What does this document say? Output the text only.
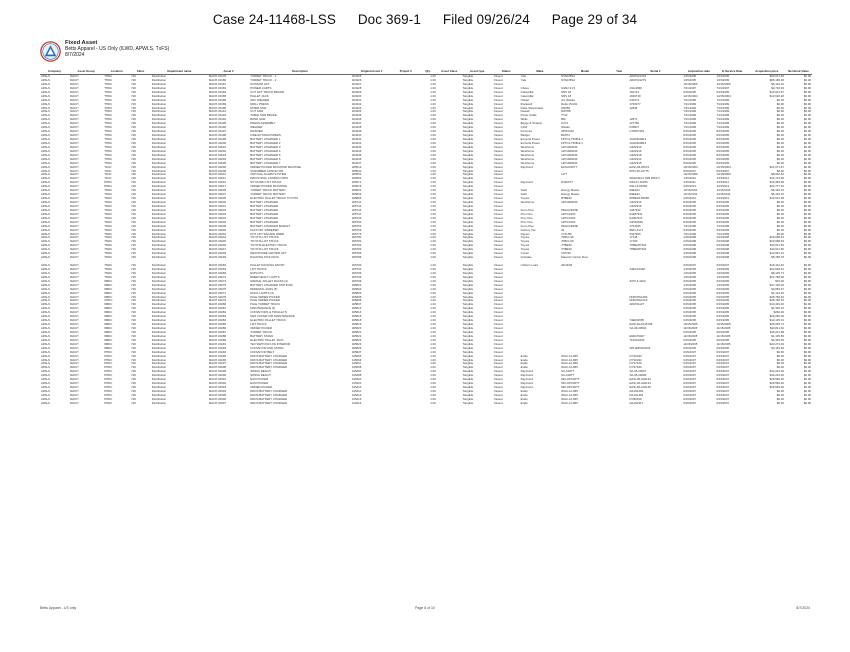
Case 24-11468-LSS Doc 369-1 Filed 09/26/24 Page 29 of 34
Fixed Asset
Betts Apparel - US Only (ILWD, APWLS, TxFS)
8/7/2024
Company	Asset Group	Location	Class	Department name	Asset #	Description	Original Asset #	Project #	Qty.	Asset Class	Asset type	Status	Make	Model	Year	Serial #	Acquisition date	In Service Date	Acquisition price	Net Book Value
APALS	MACH	THDC	720	Distribution	MACH-00178	TURRET TRUCK - 1	404325		1.00		Tangible	Closed	Yale	NTA035SA		A8AT03131S	1/15/2005	1/15/2005	$90,071.84	$0.00
APALS	MACH	THDC	720	Distribution	MACH-00180	TURRET TRUCK - 2	404326		1.00		Tangible	Closed	Yale	NTA035SA		A8AT03127S	1/15/2005	1/15/2005	$86,186.38	$0.00
APALS	MACH	THDC	720	Distribution	MACH-00181	SCISSOR LIFT	404327		1.00		Tangible	Closed					10/15/2005	10/15/2005	$6,122.02	$0.00
APALS	MACH	THDC	720	Distribution	MACH-00183	POWER CARTS	404328		1.00		Tangible	Closed	Chaos	GSR2 21.5		ASG4838	7/31/1997	7/31/1997	$3,718.93	$0.00
APALS	MACH	THDC	720	Distribution	MACH-00184	CUT LIFT TRUCK BRAND	404329		1.00		Tangible	Closed	Caterpillar	NRS 18		184744	6/15/2005	6/15/2005	$13,621.87	$0.00
APALS	MACH	THDC	720	Distribution	MACH-00185	PALLET JACK	404330		1.00		Tangible	Closed	Caterpillar	NRS 18		1849718	12/15/2004	12/15/2004	$13,618.28	$0.00
APALS	MACH	THDC	720	Distribution	MACH-00188	ARC WELDER	404331		1.00		Tangible	Closed	Hobart	Arc Welder		A30774	7/31/1999	7/31/1999	$0.00	$0.00
APALS	MACH	THDC	720	Distribution	MACH-00189	DRILL PRESS	404332		1.00		Tangible	Closed	Rockwell	Delta 15-091		1700977	7/31/1999	7/31/1999	$0.00	$0.00
APALS	MACH	THDC	720	Distribution	MACH-00190	MITER SAW	404333		1.00		Tangible	Closed	Delta Shopmaster	MS250		12845	7/31/1999	7/31/1999	$0.00	$0.00
APALS	MACH	THDC	720	Distribution	MACH-00191	CUT SAW	404334		1.00		Tangible	Closed	Dewalt	DW788			7/31/1999	7/31/1999	$0.00	$0.00
APALS	MACH	THDC	720	Distribution	MACH-00192	TABLE SAW BRAKE	404335		1.00		Tangible	Closed	Porter Cable	7732			7/31/1999	7/31/1999	$0.00	$0.00
APALS	MACH	THDC	720	Distribution	MACH-00194	BAND SAW	404336		1.00		Tangible	Closed	Wells	BM		12871	7/31/1999	7/31/1999	$0.00	$0.00
APALS	MACH	THDC	720	Distribution	MACH-00195	PRESS ASSEMBLY	404337		1.00		Tangible	Closed	Briggs & Stratton	C273		127789	7/31/1999	7/31/1999	$0.00	$0.00
APALS	MACH	THDC	720	Distribution	MACH-00196	WELDER	404338		1.00		Tangible	Closed	CKM	Welder		P29917	7/31/1999	7/31/1999	$0.00	$0.00
APALS	MACH	THDC	720	Distribution	MACH-00197	WASHER	404339		1.00		Tangible	Closed	Kenmore	23561310		C76057402	8/15/2005	8/15/2005	$0.00	$0.00
APALS	MACH	THDC	720	Distribution	MACH-00198	FIRE EXTINGUISHERS	404340		1.00		Tangible	Closed	Badger	B10H3			8/15/2005	8/15/2005	$0.00	$0.00
APALS	MACH	THDC	720	Distribution	MACH-00199	BATTERY CHARGER 1	404341		1.00		Tangible	Closed	Exmeria Power	FPTC4-750B-E 1		AG06400813	8/15/2005	8/15/2005	$0.00	$0.00
APALS	MACH	THDC	720	Distribution	MACH-00200	BATTERY CHARGER 2	404342		1.00		Tangible	Closed	Exmeria Power	FPTC4-750B-E 1		AG06400816	8/15/2005	8/15/2005	$0.00	$0.00
APALS	MACH	THDC	720	Distribution	MACH-00201	BATTERY CHARGER 3	404343		1.00		Tangible	Closed	Westhome	12H1000030		G4ZZ213	8/15/2005	8/15/2005	$0.00	$0.00
APALS	MACH	THDC	720	Distribution	MACH-00202	BATTERY CHARGER 4	404344		1.00		Tangible	Closed	Westhome	12H1000030		G4ZZ216	8/15/2005	8/15/2005	$0.00	$0.00
APALS	MACH	THDC	720	Distribution	MACH-00203	BATTERY CHARGER 5	404345		1.00		Tangible	Closed	Westhome	12H1000030		G4ZZ218	8/15/2005	8/15/2005	$0.00	$0.00
APALS	MACH	THDC	720	Distribution	MACH-00204	BATTERY CHARGER 6	404346		1.00		Tangible	Closed	Westhome	12H1000030		G4ZZ214	8/15/2005	8/15/2005	$0.00	$0.00
APALS	MACH	THDC	720	Distribution	MACH-00205	BATTERY CHARGER 7	404347		1.00		Tangible	Closed	Westhome	12H1000030		G4ZZ215	8/15/2005	8/15/2005	$0.00	$0.00
APALS	MACH	TLDC	720	Distribution	MACH-00206	ORDER PICKER RAYMOND MACHINE	405513		1.00		Tangible	Closed	Raymond	EASI-R30TT		EASI-09-00513	10/15/2004	10/15/2004	$21,071.67	$0.00
APALS	MACH	TLDC	720	Distribution	MACH-00208	SCRUBBER CONVEYOR	405540		1.00		Tangible	Closed				8701-00-19775	8/15/2007	8/15/2007	$0.00	$0.00
APALS	MACH	TLDC	720	Distribution	MACH-00210	CRITICAL ALARM SYSTEM	405551		1.00		Tangible	Closed		1177			10/15/2009	10/15/2009	$8,602.62	$0.00
APALS	MACH	TLDC	720	Distribution	MACH-00211	INDUSTRIAL COMPACTORS	405552		1.00		Tangible	Closed				W9AN1101 (WB 05617)	1/15/2012	1/15/2012	$14,713.00	$0.00
APALS	MACH	PHDC	720	Distribution	MACH-00216	SIT DOWN LIFT TRUCK	405571		1.00		Tangible	Closed	Raymond	R4000TT		R40-01-10455	2/15/2011	2/15/2011	$23,483.00	$0.00
APALS	MACH	PHDC	720	Distribution	MACH-00217	ORDER PICKER RAYMOND	405578		1.00		Tangible	Closed				540-13-81950	4/15/2013	4/15/2013	$24,777.52	$0.00
APALS	MACH	TNDC	720	Distribution	MACH-00236	TURRET TRUCK BATTERY	405831		1.00		Tangible	Closed	Swift	Energy Master		E9E224	12/15/2011	12/15/2011	$6,194.16	$0.00
APALS	MACH	TNDC	720	Distribution	MACH-00237	TURRET TRUCK BATTERY	405832		1.00		Tangible	Closed	Swift	Energy Master		E9EE21	12/15/2011	12/15/2011	$6,194.16	$0.00
APALS	MACH	TNDC	720	Distribution	MACH-00235	ELECTRIC PALLET TRUCK TOYOTA	405855		1.00		Tangible	Closed	Toyota	8HBE30		8HBE30-66058	2/15/2012	2/15/2012	$12,001.08	$0.00
APALS	MACH	TNDC	720	Distribution	MACH-00230	BATTERY CHARGER	405741		1.00		Tangible	Closed	Westhome	12H1000030		G4ZZ213	8/15/2005	8/15/2005	$0.00	$0.00
APALS	MACH	TNDC	720	Distribution	MACH-00231	BATTERY CHARGER	405742		1.00		Tangible	Closed				G4ZZ218	8/15/2005	8/15/2005	$0.00	$0.00
APALS	MACH	TNDC	720	Distribution	MACH-00232	BATTERY CHARGER	405744		1.00		Tangible	Closed	Ferro Plus	PEGC2R15E		1387942	8/15/2005	8/15/2005	$0.00	$0.00
APALS	MACH	TNDC	720	Distribution	MACH-00233	BATTERY CHARGER	405747		1.00		Tangible	Closed	Prox One	12P/C0100		E1967941	8/15/2005	8/15/2005	$0.00	$0.00
APALS	MACH	TNDC	720	Distribution	MACH-00234	BATTERY CHARGER	405749		1.00		Tangible	Closed	Prox One	12P/C0100		E1967941	8/15/2005	8/15/2005	$0.00	$0.00
APALS	MACH	TNDC	720	Distribution	MACH-00236	BATTERY CHARGER	405750		1.00		Tangible	Closed	Prox One	12P/C0100		G4961849	8/15/2005	8/15/2005	$0.00	$0.00
APALS	MACH	TNDC	720	Distribution	MACH-00238	BATTERY CHARGER BASKET	405752		1.00		Tangible	Closed	Ferro Plus	PEGC2R15E		1761935	7/31/1999	7/31/1999	$0.00	$0.00
APALS	MACH	TNDC	720	Distribution	MACH-00240	FACTORY SWEEPER	405759		1.00		Tangible	Closed	Factory Cat	44		8661-4171	6/15/2005	6/15/2005	$0.00	$0.00
APALS	MACH	TNDC	720	Distribution	MACH-00242	DOT LIFT ESCAPE RDER	405776		1.00		Tangible	Closed	Dayton	1YXU56		5447900	7/31/1999	7/31/1999	$0.00	$0.00
APALS	MACH	TNDC	720	Distribution	MACH-00244	TOYOTA LIFT TRUCK	405780		1.00		Tangible	Closed	Toyota	7FBCU18		17148	2/15/2008	2/15/2008	$20,098.63	$0.00
APALS	MACH	TNDC	720	Distribution	MACH-00245	TOYOTA LIFT TRUCK	405781		1.00		Tangible	Closed	Toyota	7FBCU18		17160	2/15/2008	2/15/2008	$20,098.63	$0.00
APALS	MACH	TNDC	720	Distribution	MACH-00246	TOYOTA ELECTRIC TRUCK	405782		1.00		Tangible	Closed	Toyota	7HBE30		7HBE307024	6/15/2008	6/15/2008	$10,511.50	$0.00
APALS	MACH	TNDC	720	Distribution	MACH-00247	TOYOTA LIFT TRUCK	405783		1.00		Tangible	Closed	Toyota	7HBE30		7HBE307024	6/15/2008	6/15/2008	$10,511.50	$0.00
APALS	MACH	TNDC	720	Distribution	MACH-00248	REACH/SIDE CENTER LIFT	405785		1.00		Tangible	Closed	Crown	C5/C40			4/15/2008	4/15/2008	$12,897.44	$0.00
APALS	MACH	TNDC	720	Distribution	MACH-00249	RACKING PICK PACK	405786		1.00		Tangible	Closed	Interlake	Masonic Carton Flow			6/15/2008	6/15/2008	$5,158.78	$0.00

APALS	MACH	TNDC	720	Distribution	MACH-00260	PALLET RACKING ENTRY	405790		1.00		Tangible	Closed	Uniform Load	44/43/96			6/15/2007	6/15/2007	$16,412.40	$0.00
APALS	MACH	TNDC	720	Distribution	MACH-00263	LIFT TRUCK	405791		1.00		Tangible	Closed				A3EC10448	1/15/2005	1/15/2005	$22,818.61	$0.00
APALS	MACH	TNDC	720	Distribution	MACH-00265	EXPLOTS	405796		1.00		Tangible	Closed					1/15/2005	1/15/2005	$8,109.73	$0.00
APALS	MACH	TNDC	720	Distribution	MACH-00272	EMERGENCY LIGHTS	405796		1.00		Tangible	Closed					1/15/2005	1/15/2005	$21,768.00	$0.00
APALS	MACH	NBDC	720	Distribution	MACH-00273	MARKAL PALLET RACKS (3)	405799		1.00		Tangible	Closed				3475 & 3910	6/15/2005	6/15/2005	$70.00	$0.00
APALS	MACH	NBDC	720	Distribution	MACH-00275	BATTERY CHARGER STATIONS	405801		1.00		Tangible	Closed					1/15/2005	1/15/2005	$47,100.00	$0.00
APALS	MACH	NBDC	720	Distribution	MACH-00276	PEDESTAL FANS (5)	405802		1.00		Tangible	Closed					6/15/2005	6/15/2005	$3,883.67	$0.00
APALS	MACH	NBDC	720	Distribution	MACH-00277	DOCK LIGHTS (3)	405803		1.00		Tangible	Closed					6/15/2005	6/15/2005	$1,124.20	$0.00
APALS	MACH	NBDC	720	Distribution	MACH-00278	PALE ORDER PICKER	405805		1.00		Tangible	Closed				DN09HG1083	6/15/2005	6/15/2005	$28,768.33	$0.00
APALS	MACH	CHDC	720	Distribution	MACH-00279	PALE ORDER PICKER	405806		1.00		Tangible	Closed				DN09HG1019	6/15/2005	6/15/2005	$28,768.33	$0.00
APALS	MACH	NBDC	720	Distribution	MACH-00280	PALE TURRET TRUCK	405807		1.00		Tangible	Closed				A8AT01127	6/15/2005	6/15/2005	$13,449.00	$0.00
APALS	MACH	NBDC	720	Distribution	MACH-00281	MAINTENANCE (4)	405813		1.00		Tangible	Closed					6/15/2005	6/15/2005	$1,306.16	$0.00
APALS	MACH	NBDC	720	Distribution	MACH-00282	CONVEYORS & TROLLEYS	405814		1.00		Tangible	Closed					6/15/2005	6/15/2005	$282.00	$0.00
APALS	MACH	NBDC	720	Distribution	MACH-00283	MINI CONVEYOR MAINTENANCE	405816		1.00		Tangible	Closed					6/15/2005	6/15/2005	$29,282.00	$0.00
APALS	MACH	NBDC	720	Distribution	MACH-00284	ELECTRIC PALLET TRUCK	405818		1.00		Tangible	Closed				74E003655	6/15/2005	6/15/2005	$13,125.01	$0.00
APALS	MACH	NBDC	720	Distribution	MACH-00285	LIFT TRUCK	405819		1.00		Tangible	Closed				EASI-RLAS15738	10/15/2005	10/15/2005	$25,065.74	$0.00
APALS	MACH	NBDC	720	Distribution	MACH-00286	ORDER PICKER	405820		1.00		Tangible	Closed				SA-09-00500	11/15/2005	11/15/2005	$10,811.60	$0.00
APALS	MACH	NBDC	720	Distribution	MACH-00287	TURRET TRUCK	405821		1.00		Tangible	Closed					6/15/2005	6/15/2005	$16,211.88	$0.00
APALS	MACH	NBDC	720	Distribution	MACH-00288	BATTERY STAND	405822		1.00		Tangible	Closed				E90G79027	11/15/2005	11/15/2005	$1,105.89	$0.00
APALS	MACH	NBDC	720	Distribution	MACH-00289	ELECTRIC PALLET JACK	405823		1.00		Tangible	Closed				7169G9230	6/15/2005	6/15/2005	$4,363.05	$0.00
APALS	MACH	NBDC	720	Distribution	MACH-00291	TEI HAMTOOLS PE INTERIOR	405824		1.00		Tangible	Closed					11/15/2005	11/15/2005	$23,274.00	$0.00
APALS	MACH	NBDC	720	Distribution	MACH-00292	CONVEYOR AND STAND	405825		1.00		Tangible	Closed				WN1E5NW9232	6/15/2005	6/15/2005	$4,181.94	$0.00
APALS	MACH	PHDC	720	Distribution	MACH-00294	CONVEYOR BELT	405827		1.00		Tangible	Closed					6/15/2007	6/15/2007	$0.00	$0.00
APALS	MACH	PHDC	720	Distribution	MACH-00295	DROS BATTERY CHARGER	415065		1.00		Tangible	Closed	Exide	WGC-12-865		DYS0343	6/15/2007	6/15/2007	$0.00	$0.00
APALS	MACH	PHDC	720	Distribution	MACH-00296	DROS BATTERY CHARGER	415066		1.00		Tangible	Closed	Exide	WGC-12-865		DYS0344	6/15/2007	6/15/2007	$0.00	$0.00
APALS	MACH	PHDC	720	Distribution	MACH-00297	DROS BATTERY CHARGER	415067		1.00		Tangible	Closed	Exide	WGC-12-865		DYS7109	6/15/2007	6/15/2007	$0.00	$0.00
APALS	MACH	PHDC	720	Distribution	MACH-00298	DROS BATTERY CHARGER	415068		1.00		Tangible	Closed	Exide	WGC-12-865		DYS7180	6/15/2007	6/15/2007	$0.00	$0.00
APALS	MACH	PHDC	720	Distribution	MACH-00299	SWING REACH	415287		1.00		Tangible	Closed	Raymond	SA-C40TT		SA-05-20007	6/15/2007	6/15/2007	$44,224.00	$0.00
APALS	MACH	PHDC	720	Distribution	MACH-00300	SWING REACH	415288		1.00		Tangible	Closed	Raymond	SA-C40TT		SA-05-20008	6/15/2007	6/15/2007	$44,224.00	$0.00
APALS	MACH	PHDC	720	Distribution	MACH-00301	EASI PICKER	415300		1.00		Tangible	Closed	Raymond	530-OPC30TT		EASI-05-A02133	6/15/2007	6/15/2007	$28,569.00	$0.00
APALS	MACH	PHDC	720	Distribution	MACH-00302	EASI PICKER	415301		1.00		Tangible	Closed	Raymond	530-OPC30TT		EASI-05-A02134	6/15/2007	6/15/2007	$28,569.00	$0.00
APALS	MACH	PHDC	720	Distribution	MACH-00303	ORDER PICKER	415410		1.00		Tangible	Closed	Raymond	530-OPC30TT		EASI-05-A02135	6/15/2007	6/15/2007	$28,569.00	$0.00
APALS	MACH	PHDC	720	Distribution	MACH-00304	DROS BATTERY CHARGER	415411		1.00		Tangible	Closed	Exide	WGC-12-865		DA1S1290	6/15/2007	6/15/2007	$0.00	$0.00
APALS	MACH	PHDC	720	Distribution	MACH-00305	DROS BATTERY CHARGER	415412		1.00		Tangible	Closed	Exide	WGC-12-865		DA1S1464	6/15/2007	6/15/2007	$0.00	$0.00
APALS	MACH	PHDC	720	Distribution	MACH-00306	DROS BATTERY CHARGER	415413		1.00		Tangible	Closed	Exide	WGC-12-865		DYB0516	6/15/2007	6/15/2007	$0.00	$0.00
APALS	MACH	PHDC	720	Distribution	MACH-00307	DROS BATTERY CHARGER	415414		1.00		Tangible	Closed	Exide	WGC-12-865		DA1S1917	6/15/2007	6/15/2007	$0.00	$0.00
Betts Apparel - US only	Page 6 of 10	8/7/2024
